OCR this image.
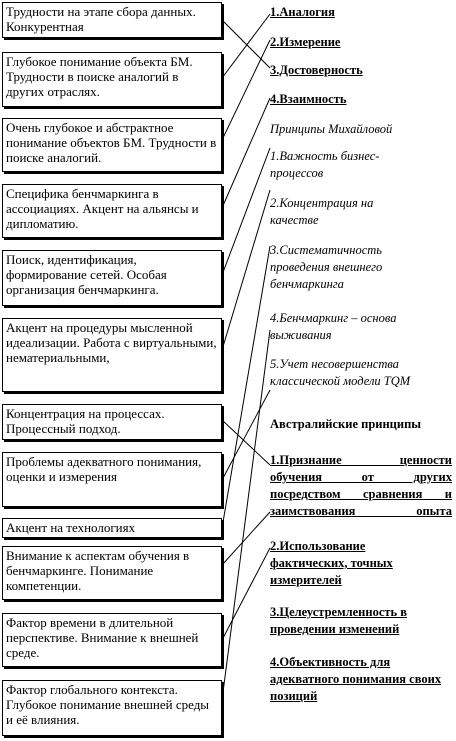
Трудности на этапе сбора данных. Конкурентная
Глубокое понимание объекта БМ. Трудности в поиске аналогий в других отраслях.
Очень глубокое и абстрактное понимание объектов БМ. Трудности в поиске аналогий.
Специфика бенчмаркинга в ассоциациях. Акцент на альянсы и дипломатию.
Поиск, идентификация, формирование сетей. Особая организация бенчмаркинга.
Акцент на процедуры мысленной идеализации. Работа с виртуальными, нематериальными,
Концентрация на процессах. Процессный подход.
Проблемы адекватного понимания, оценки и измерения
Акцент на технологиях
Внимание к аспектам обучения в бенчмаркинге. Понимание компетенции.
Фактор времени в длительной перспективе. Внимание к внешней среде.
Фактор глобального контекста. Глубокое понимание внешней среды и её влияния.
1.Аналогия
2.Измерение
3.Достоверность
4.Взаимность
Принципы Михайловой
1.Важность бизнес-процессов
2.Концентрация на качестве
3.Систематичность проведения внешнего бенчмаркинга
4.Бенчмаркинг – основа выживания
5.Учет несовершенства классической модели TQM
Австралийские принципы
1.Признание ценности обучения от других посредством сравнения и заимствования опыта
2.Использование фактических, точных измерителей
3.Целеустремленность в проведении изменений
4.Объективность для адекватного понимания своих позиций
